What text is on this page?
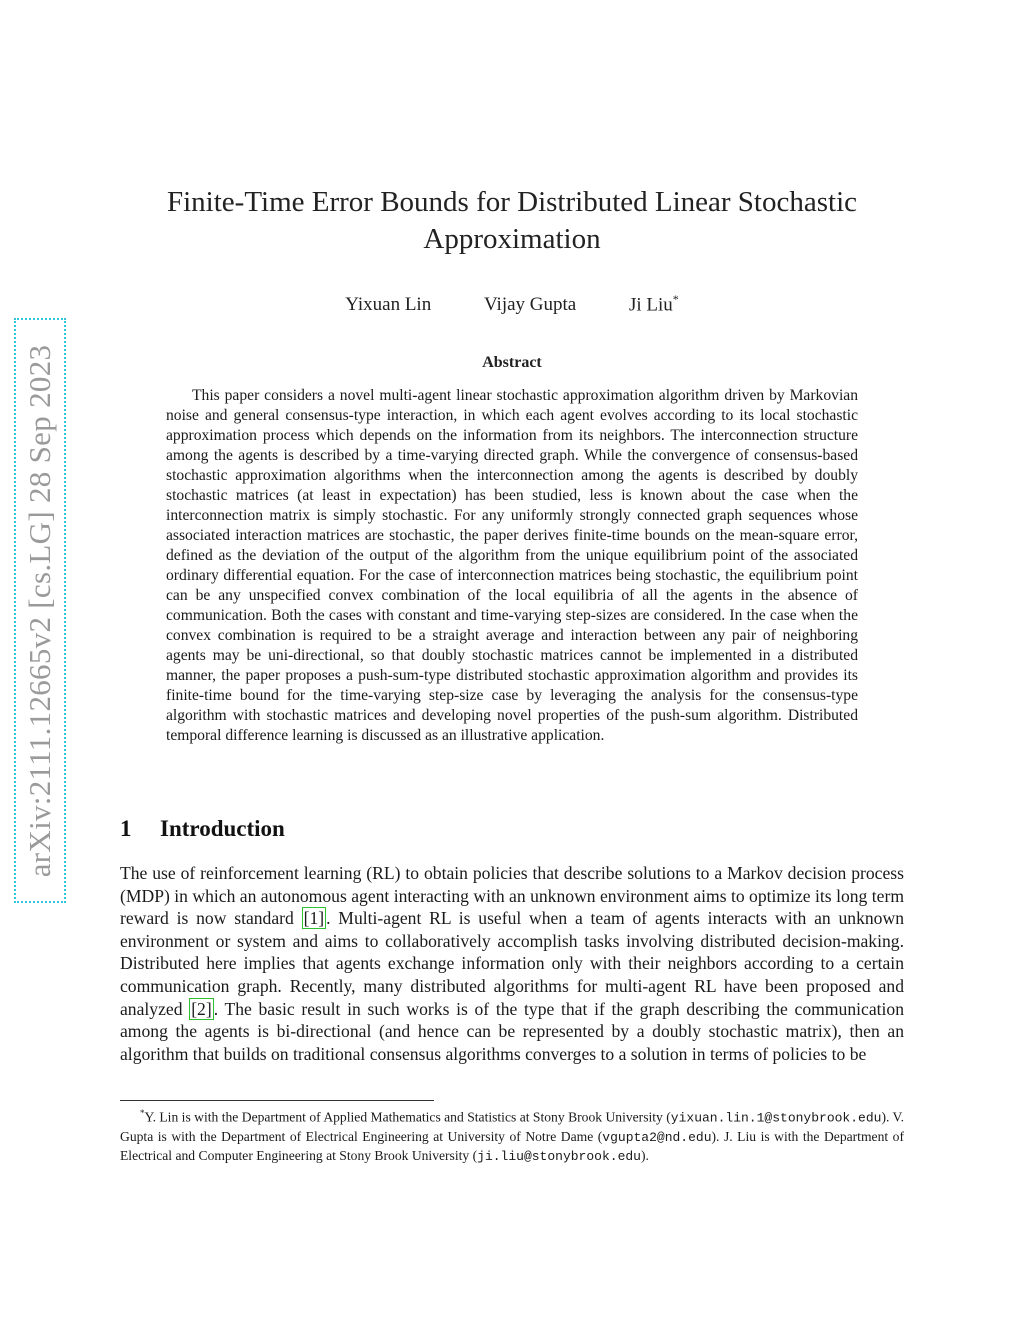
arXiv:2111.12665v2 [cs.LG] 28 Sep 2023
Finite-Time Error Bounds for Distributed Linear Stochastic
Approximation
Yixuan Lin	Vijay Gupta	Ji Liu*
Abstract

This paper considers a novel multi-agent linear stochastic approximation algorithm driven by Markovian noise and general consensus-type interaction, in which each agent evolves according to its local stochastic approximation process which depends on the information from its neighbors. The interconnection structure among the agents is described by a time-varying directed graph. While the convergence of consensus-based stochastic approximation algorithms when the interconnection among the agents is described by doubly stochastic matrices (at least in expectation) has been studied, less is known about the case when the interconnection matrix is simply stochastic. For any uniformly strongly connected graph sequences whose associated interaction matrices are stochastic, the paper derives finite-time bounds on the mean-square error, defined as the deviation of the output of the algorithm from the unique equilibrium point of the associated ordinary differential equation. For the case of interconnection matrices being stochastic, the equilibrium point can be any unspecified convex combination of the local equilibria of all the agents in the absence of communication. Both the cases with constant and time-varying step-sizes are considered. In the case when the convex combination is required to be a straight average and interaction between any pair of neighboring agents may be uni-directional, so that doubly stochastic matrices cannot be implemented in a distributed manner, the paper proposes a push-sum-type distributed stochastic approximation algorithm and provides its finite-time bound for the time-varying step-size case by leveraging the analysis for the consensus-type algorithm with stochastic matrices and developing novel properties of the push-sum algorithm. Distributed temporal difference learning is discussed as an illustrative application.

1 Introduction

The use of reinforcement learning (RL) to obtain policies that describe solutions to a Markov decision process (MDP) in which an autonomous agent interacting with an unknown environment aims to optimize its long term reward is now standard [1] . Multi-agent RL is useful when a team of agents interacts with an unknown environment or system and aims to collaboratively accomplish tasks involving distributed decision-making. Distributed here implies that agents exchange information only with their neighbors according to a certain communication graph. Recently, many distributed algorithms for multi-agent RL have been proposed and analyzed [2] . The basic result in such works is of the type that if the graph describing the communication among the agents is bi-directional (and hence can be represented by a doubly stochastic matrix), then an algorithm that builds on traditional consensus algorithms converges to a solution in terms of policies to be

*Y. Lin is with the Department of Applied Mathematics and Statistics at Stony Brook University (yixuan.lin.1@stonybrook.edu). V. Gupta is with the Department of Electrical Engineering at University of Notre Dame (vgupta2@nd.edu). J. Liu is with the Department of Electrical and Computer Engineering at Stony Brook University (ji.liu@stonybrook.edu).
